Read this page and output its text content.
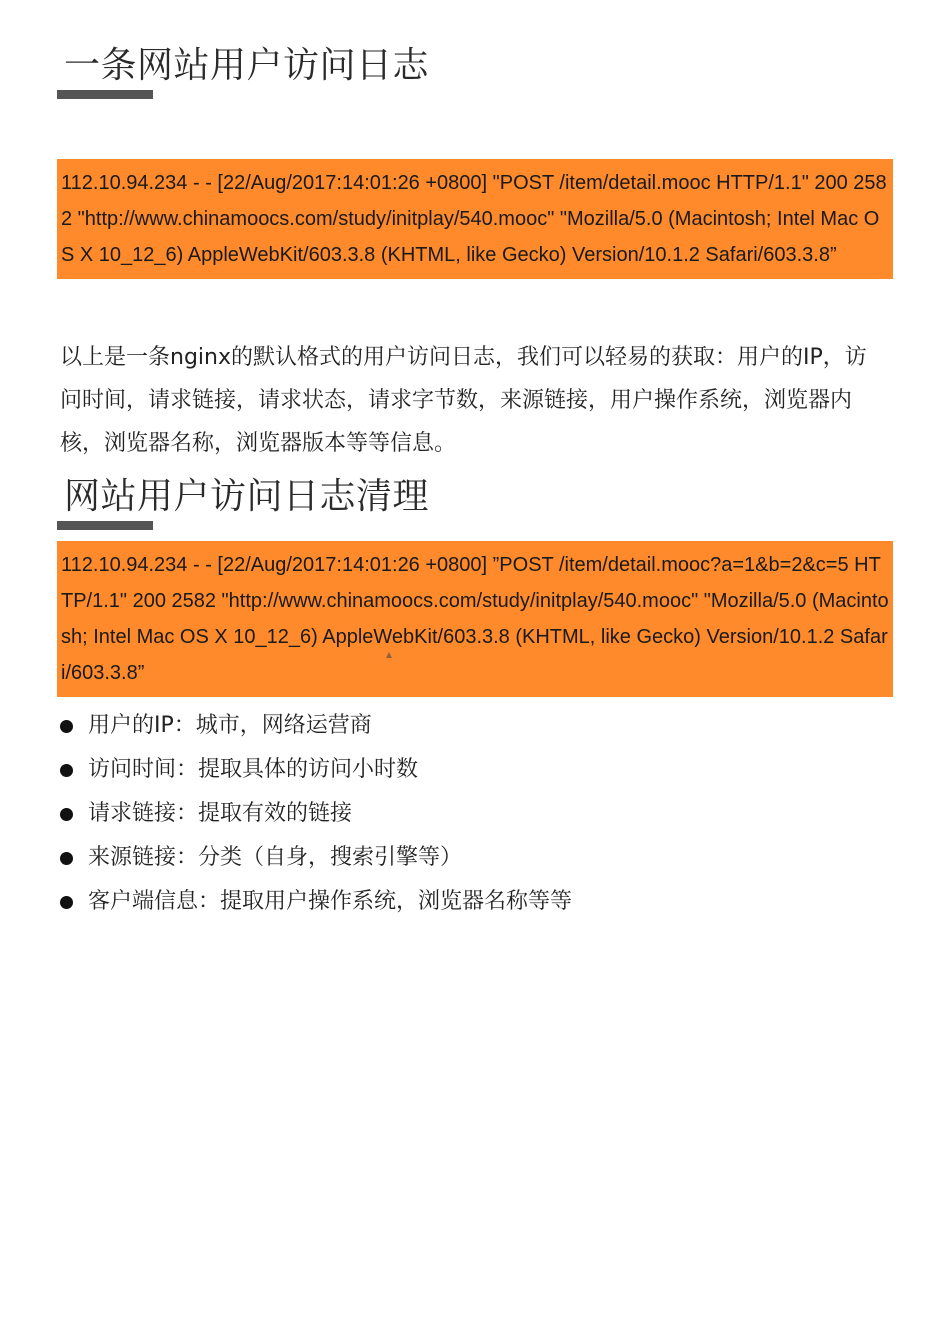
一条网站用户访问日志
112.10.94.234 - - [22/Aug/2017:14:01:26 +0800] "POST /item/detail.mooc HTTP/1.1" 200 2582 "http://www.chinamoocs.com/study/initplay/540.mooc" "Mozilla/5.0 (Macintosh; Intel Mac OS X 10_12_6) AppleWebKit/603.3.8 (KHTML, like Gecko) Version/10.1.2 Safari/603.3.8”

以上是一条nginx的默认格式的用户访问日志，我们可以轻易的获取：用户的IP，访问时间，请求链接，请求状态，请求字节数，来源链接，用户操作系统，浏览器内核，浏览器名称，浏览器版本等等信息。

网站用户访问日志清理
112.10.94.234 - - [22/Aug/2017:14:01:26 +0800] ”POST /item/detail.mooc?a=1&b=2&c=5 HTTP/1.1" 200 2582 "http://www.chinamoocs.com/study/initplay/540.mooc" "Mozilla/5.0 (Macintosh; Intel Mac OS X 10_12_6) AppleWebKit/603.3.8 (KHTML, like Gecko) Version/10.1.2 Safari/603.3.8”
用户的IP：城市，网络运营商
访问时间：提取具体的访问小时数
请求链接：提取有效的链接
来源链接：分类（自身，搜索引擎等）
客户端信息：提取用户操作系统，浏览器名称等等
